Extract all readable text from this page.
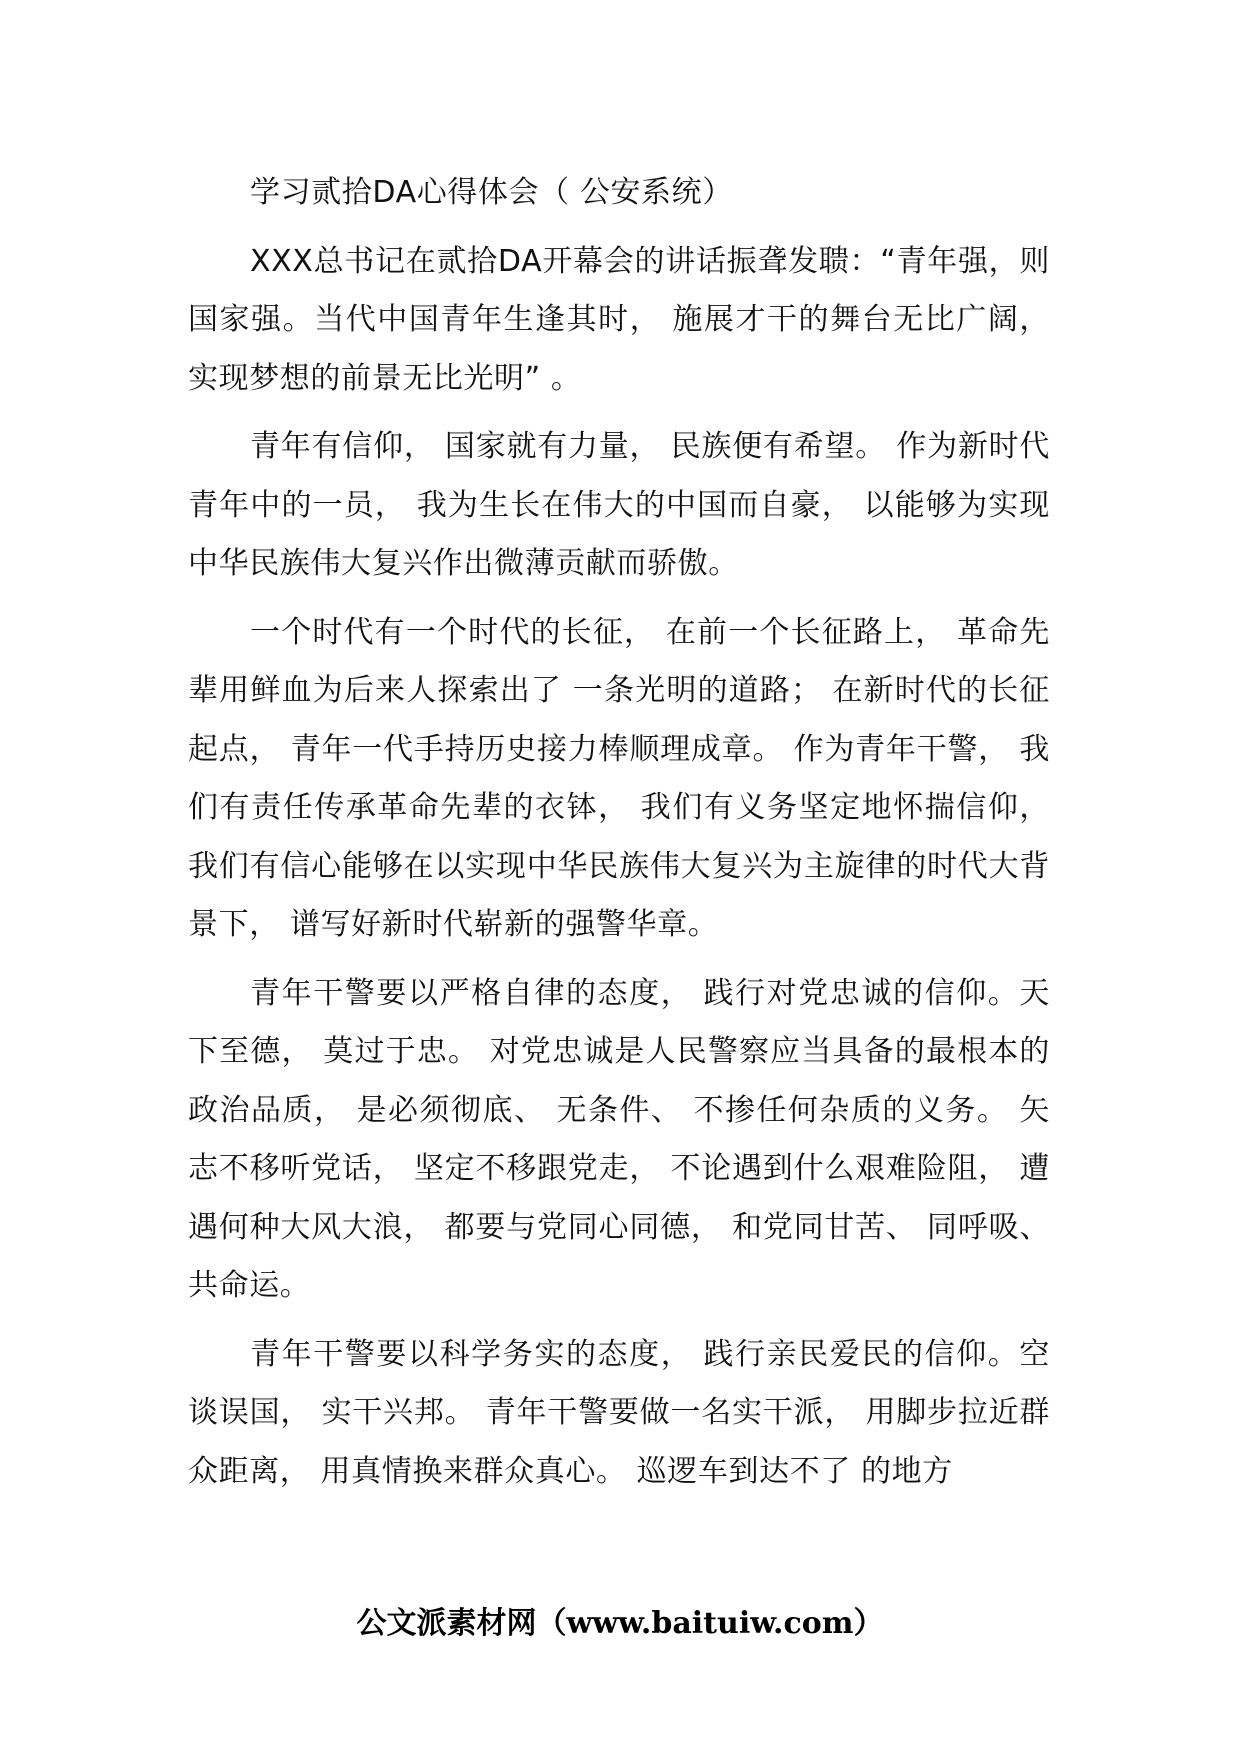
学习贰拾DA心得体会（ 公安系统）

XXX总书记在贰拾DA开幕会的讲话振聋发聩：“青年强，则国家强。当代中国青年生逢其时， 施展才干的舞台无比广阔，实现梦想的前景无比光明” 。

青年有信仰， 国家就有力量， 民族便有希望。 作为新时代青年中的一员， 我为生长在伟大的中国而自豪， 以能够为实现中华民族伟大复兴作出微薄贡献而骄傲。

一个时代有一个时代的长征， 在前一个长征路上， 革命先辈用鲜血为后来人探索出了 一条光明的道路； 在新时代的长征起点， 青年一代手持历史接力棒顺理成章。 作为青年干警， 我们有责任传承革命先辈的衣钵， 我们有义务坚定地怀揣信仰，我们有信心能够在以实现中华民族伟大复兴为主旋律的时代大背景下， 谱写好新时代崭新的强警华章。

青年干警要以严格自律的态度， 践行对党忠诚的信仰。天下至德， 莫过于忠。 对党忠诚是人民警察应当具备的最根本的政治品质， 是必须彻底、 无条件、 不掺任何杂质的义务。 矢志不移听党话， 坚定不移跟党走， 不论遇到什么艰难险阻， 遭遇何种大风大浪， 都要与党同心同德， 和党同甘苦、 同呼吸、 共命运。

青年干警要以科学务实的态度， 践行亲民爱民的信仰。空谈误国， 实干兴邦。 青年干警要做一名实干派， 用脚步拉近群众距离， 用真情换来群众真心。 巡逻车到达不了 的地方

公文派素材网（www.baituiw.com）
